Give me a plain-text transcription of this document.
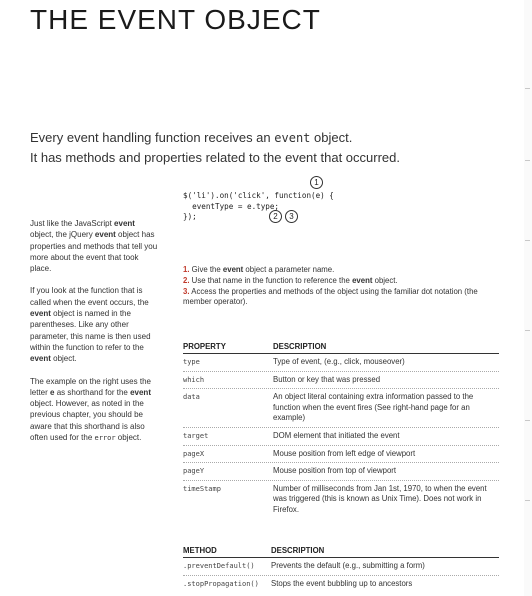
THE EVENT OBJECT
Every event handling function receives an event object.
It has methods and properties related to the event that occurred.

Just like the JavaScript event object, the jQuery event object has properties and methods that tell you more about the event that took place.

If you look at the function that is called when the event occurs, the event object is named in the parentheses. Like any other parameter, this name is then used within the function to refer to the event object.

The example on the right uses the letter e as shorthand for the event object. However, as noted in the previous chapter, you should be aware that this shorthand is also often used for the error object.

$('li').on('click', function(e) {
eventType = e.type;
});
1
2	3
1. Give the event object a parameter name.
2. Use that name in the function to reference the event object.
3. Access the properties and methods of the object using the familiar dot notation (the member operator).
PROPERTY	DESCRIPTION
type	Type of event, (e.g., click, mouseover)
which	Button or key that was pressed
data	An object literal containing extra information passed to the function when the event fires (See right-hand page for an example)
target	DOM element that initiated the event
pageX	Mouse position from left edge of viewport
pageY	Mouse position from top of viewport
timeStamp	Number of milliseconds from Jan 1st, 1970, to when the event was triggered (this is known as Unix Time). Does not work in Firefox.
METHOD	DESCRIPTION
.preventDefault()	Prevents the default (e.g., submitting a form)
.stopPropagation()	Stops the event bubbling up to ancestors
